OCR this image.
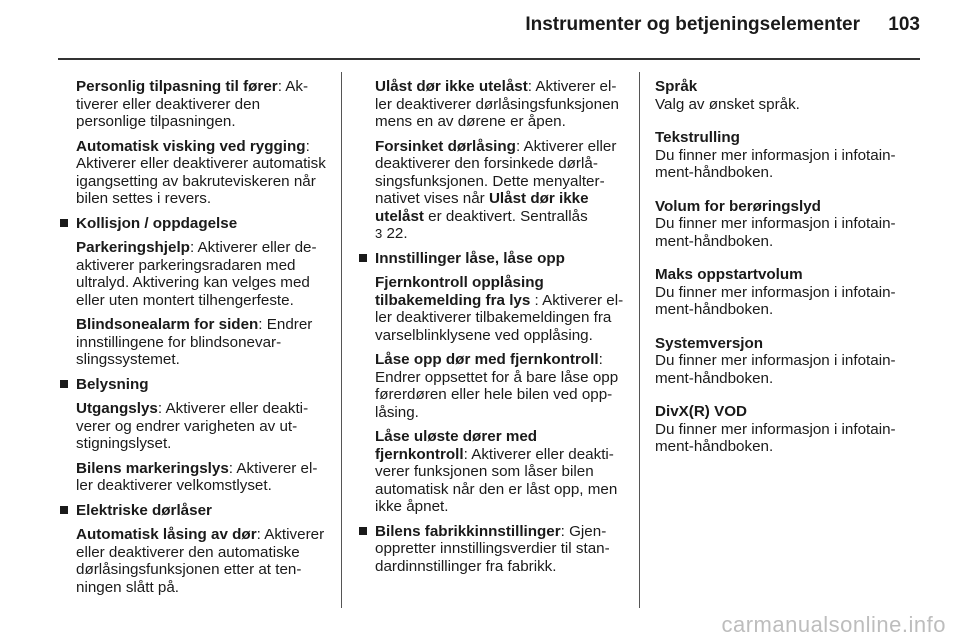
Instrumenter og betjeningselementer 103

Personlig tilpasning til fører: Aktiverer eller deaktiverer den personlige tilpasningen.

Automatisk visking ved rygging: Aktiverer eller deaktiverer automatisk igangsetting av bakruteviskeren når bilen settes i revers.

Kollisjon / oppdagelse

Parkeringshjelp: Aktiverer eller deaktiverer parkeringsradaren med ultralyd. Aktivering kan velges med eller uten montert tilhengerfeste.

Blindsonealarm for siden: Endrer innstillingene for blindsonevarslingssystemet.

Belysning

Utgangslys: Aktiverer eller deaktiverer og endrer varigheten av utstigningslyset.

Bilens markeringslys: Aktiverer eller deaktiverer velkomstlyset.

Elektriske dørlåser

Automatisk låsing av dør: Aktiverer eller deaktiverer den automatiske dørlåsingsfunksjonen etter at tenningen slått på.

Ulåst dør ikke utelåst: Aktiverer eller deaktiverer dørlåsingsfunksjonen mens en av dørene er åpen.

Forsinket dørlåsing: Aktiverer eller deaktiverer den forsinkede dørlåsingsfunksjonen. Dette menyalternativet vises når Ulåst dør ikke utelåst er deaktivert. Sentrallås
3 22.

Innstillinger låse, låse opp

Fjernkontroll opplåsing tilbakemelding fra lys : Aktiverer eller deaktiverer tilbakemeldingen fra varselblinklysene ved opplåsing.

Låse opp dør med fjernkontroll: Endrer oppsettet for å bare låse opp førerdøren eller hele bilen ved opplåsing.

Låse uløste dører med fjernkontroll: Aktiverer eller deaktiverer funksjonen som låser bilen automatisk når den er låst opp, men ikke åpnet.

Bilens fabrikkinnstillinger: Gjenoppretter innstillingsverdier til standardinnstillinger fra fabrikk.

Språk
Valg av ønsket språk.

Tekstrulling
Du finner mer informasjon i infotainment-håndboken.

Volum for berøringslyd
Du finner mer informasjon i infotainment-håndboken.

Maks oppstartvolum
Du finner mer informasjon i infotainment-håndboken.

Systemversjon
Du finner mer informasjon i infotainment-håndboken.

DivX(R) VOD
Du finner mer informasjon i infotainment-håndboken.

carmanualsonline.info
